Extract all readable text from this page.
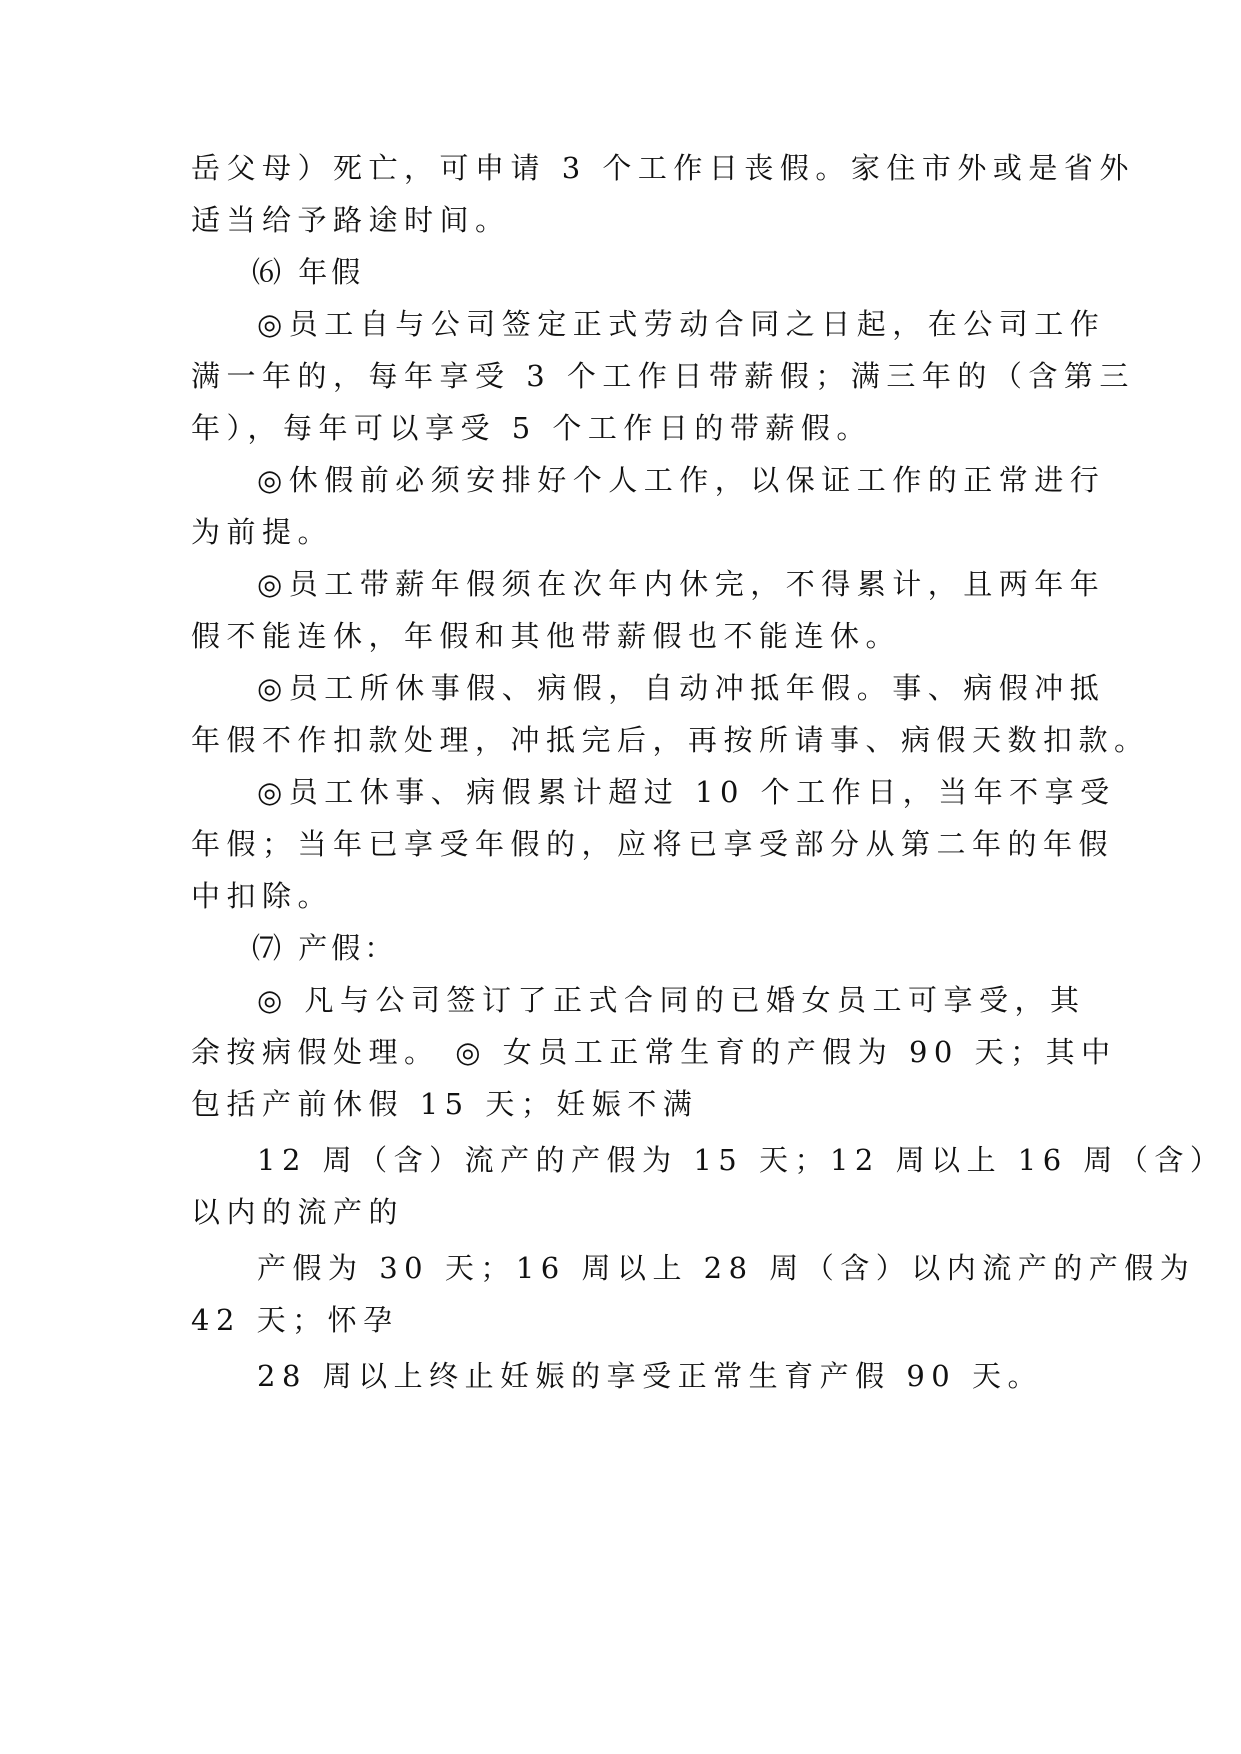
岳父母）死亡，可申请 3 个工作日丧假。家住市外或是省外
适当给予路途时间。
⑹ 年假
◎员工自与公司签定正式劳动合同之日起，在公司工作
满一年的，每年享受 3 个工作日带薪假；满三年的（含第三
年），每年可以享受 5 个工作日的带薪假。
◎休假前必须安排好个人工作，以保证工作的正常进行
为前提。
◎员工带薪年假须在次年内休完，不得累计，且两年年
假不能连休，年假和其他带薪假也不能连休。
◎员工所休事假、病假，自动冲抵年假。事、病假冲抵
年假不作扣款处理，冲抵完后，再按所请事、病假天数扣款。
◎员工休事、病假累计超过 10 个工作日，当年不享受
年假；当年已享受年假的，应将已享受部分从第二年的年假
中扣除。
⑺ 产假：
◎ 凡与公司签订了正式合同的已婚女员工可享受，其
余按病假处理。 ◎ 女员工正常生育的产假为 90 天；其中
包括产前休假 15 天；妊娠不满
12 周（含）流产的产假为 15 天；12 周以上 16 周（含）
以内的流产的
产假为 30 天；16 周以上 28 周（含）以内流产的产假为
42 天；怀孕
28 周以上终止妊娠的享受正常生育产假 90 天。
